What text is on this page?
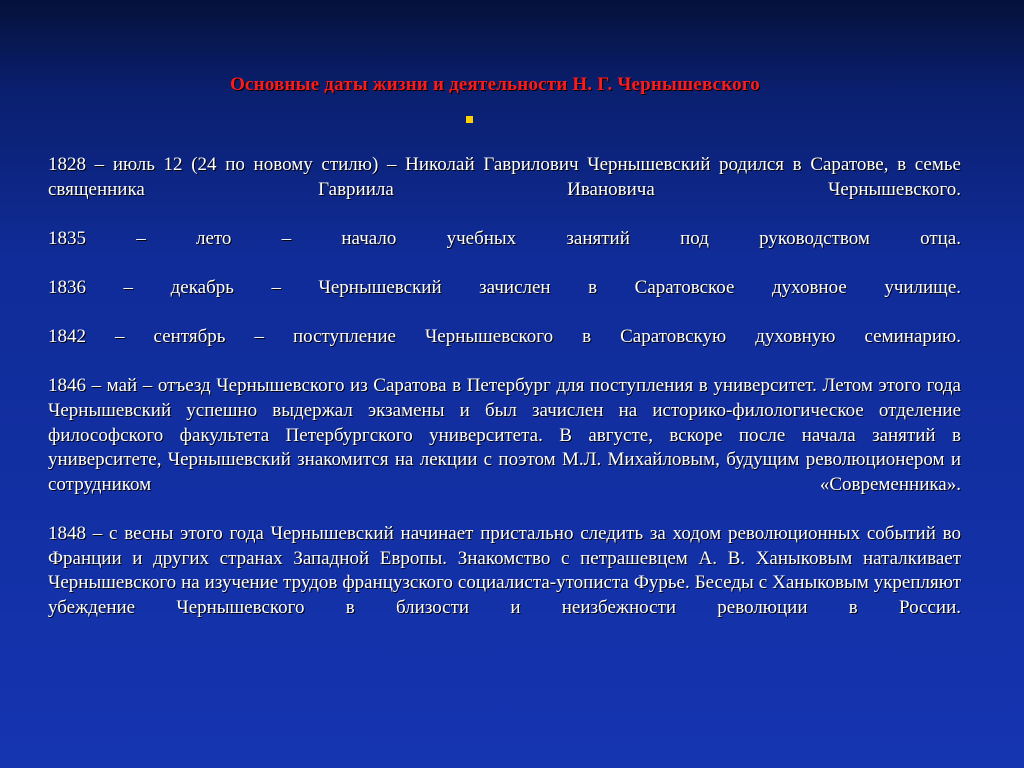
Основные даты жизни и деятельности Н. Г. Чернышевского

1828 – июль 12 (24 по новому стилю) – Николай Гаврилович Чернышевский родился в Саратове, в семье священника Гавриила Ивановича Чернышевского.

1835 – лето – начало учебных занятий под руководством отца.

1836 – декабрь – Чернышевский зачислен в Саратовское духовное училище.

1842 – сентябрь – поступление Чернышевского в Саратовскую духовную семинарию.

1846 – май – отъезд Чернышевского из Саратова в Петербург для поступления в университет. Летом этого года Чернышевский успешно выдержал экзамены и был зачислен на историко-филологическое отделение философского факультета Петербургского университета. В августе, вскоре после начала занятий в университете, Чернышевский знакомится на лекции с поэтом М.Л. Михайловым, будущим революционером и сотрудником «Современника».

1848 – с весны этого года Чернышевский начинает пристально следить за ходом революционных событий во Франции и других странах Западной Европы. Знакомство с петрашевцем А. В. Ханыковым наталкивает Чернышевского на изучение трудов французского социалиста-утописта Фурье. Беседы с Ханыковым укрепляют убеждение Чернышевского в близости и неизбежности революции в России.
